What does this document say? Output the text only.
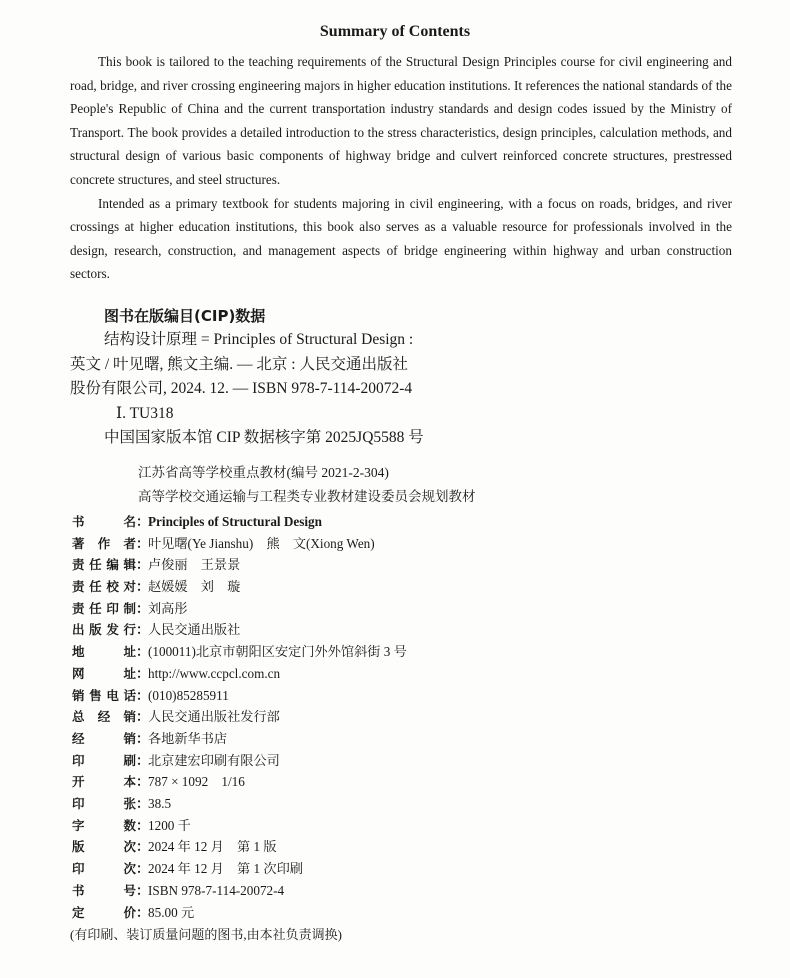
Summary of Contents

This book is tailored to the teaching requirements of the Structural Design Principles course for civil engineering and road, bridge, and river crossing engineering majors in higher education institutions. It references the national standards of the People's Republic of China and the current transportation industry standards and design codes issued by the Ministry of Transport. The book provides a detailed introduction to the stress characteristics, design principles, calculation methods, and structural design of various basic components of highway bridge and culvert reinforced concrete structures, prestressed concrete structures, and steel structures.

Intended as a primary textbook for students majoring in civil engineering, with a focus on roads, bridges, and river crossings at higher education institutions, this book also serves as a valuable resource for professionals involved in the design, research, construction, and management aspects of bridge engineering within highway and urban construction sectors.

图书在版编目(CIP)数据
结构设计原理 = Principles of Structural Design :
英文 / 叶见曙, 熊文主编. — 北京 : 人民交通出版社
股份有限公司, 2024. 12. — ISBN 978-7-114-20072-4
Ⅰ. TU318
中国国家版本馆 CIP 数据核字第 2025JQ5588 号
江苏省高等学校重点教材(编号 2021-2-304)
高等学校交通运输与工程类专业教材建设委员会规划教材
书名 ：
Principles of Structural Design
著作者 ：
叶见曙(Ye Jianshu)　熊　文(Xiong Wen)
责任编辑 ：
卢俊丽　王景景
责任校对 ：
赵媛媛　刘　璇
责任印制 ：
刘高彤
出版发行 ：
人民交通出版社
地址 ：
(100011)北京市朝阳区安定门外外馆斜街 3 号
网址 ：
http://www.ccpcl.com.cn
销售电话 ：
(010)85285911
总经销 ：
人民交通出版社发行部
经销 ：
各地新华书店
印刷 ：
北京建宏印刷有限公司
开本 ：
787 × 1092　1/16
印张 ：
38.5
字数 ：
1200 千
版次 ：
2024 年 12 月　第 1 版
印次 ：
2024 年 12 月　第 1 次印刷
书号 ：
ISBN 978-7-114-20072-4
定价 ：
85.00 元
(有印刷、装订质量问题的图书,由本社负责调换)
